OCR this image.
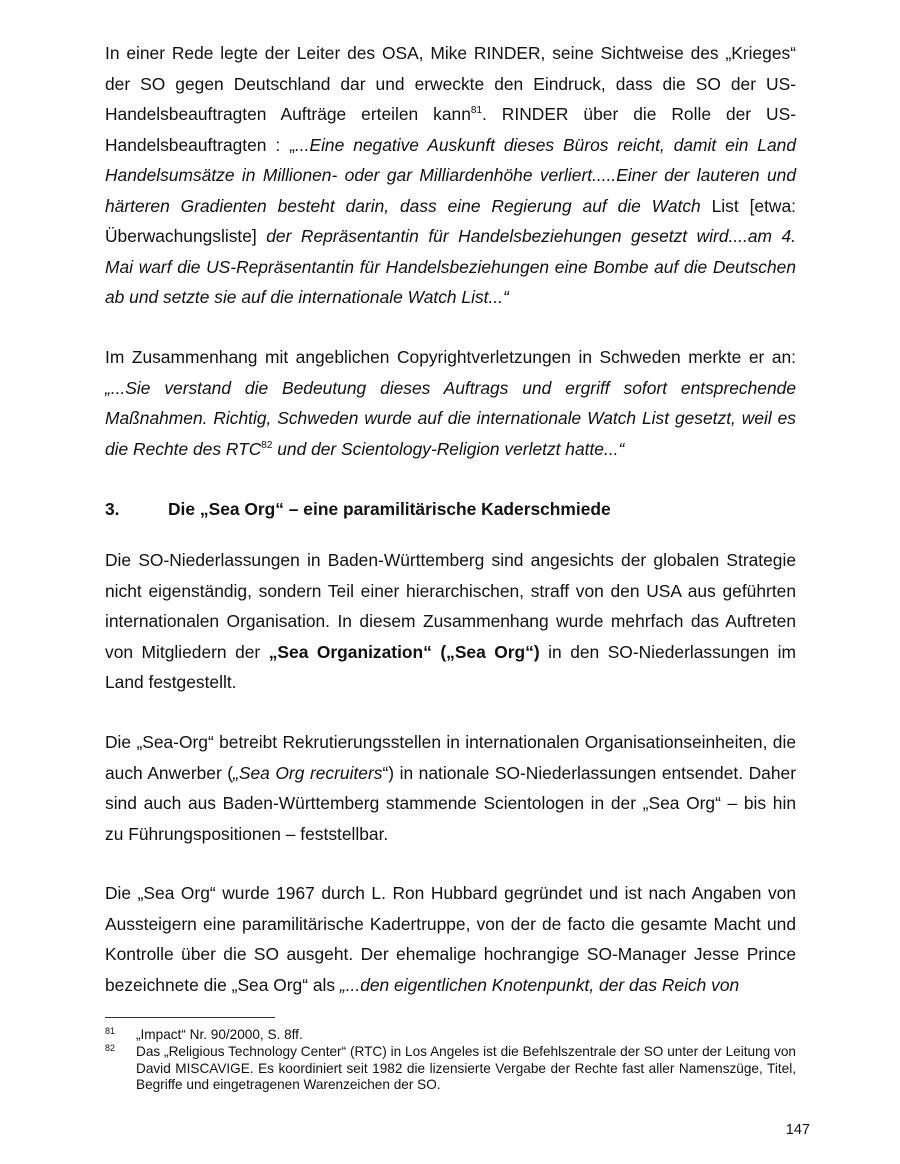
In einer Rede legte der Leiter des OSA, Mike RINDER, seine Sichtweise des „Krieges“ der SO gegen Deutschland dar und erweckte den Eindruck, dass die SO der US-Handelsbeauftragten Aufträge erteilen kann$^{81}$. RINDER über die Rolle der US-Handelsbeauftragten : „...Eine negative Auskunft dieses Büros reicht, damit ein Land Handelsumsätze in Millionen- oder gar Milliardenhöhe verliert.....Einer der lauteren und härteren Gradienten besteht darin, dass eine Regierung auf die Watch List [etwa: Überwachungsliste] der Repräsentantin für Handelsbeziehungen gesetzt wird....am 4. Mai warf die US-Repräsentantin für Handelsbeziehungen eine Bombe auf die Deutschen ab und setzte sie auf die internationale Watch List...“

Im Zusammenhang mit angeblichen Copyrightverletzungen in Schweden merkte er an: „...Sie verstand die Bedeutung dieses Auftrags und ergriff sofort entsprechende Maßnahmen. Richtig, Schweden wurde auf die internationale Watch List gesetzt, weil es die Rechte des RTC$^{82}$ und der Scientology-Religion verletzt hatte...“

3.	Die „Sea Org“ – eine paramilitärische Kaderschmiede

Die SO-Niederlassungen in Baden-Württemberg sind angesichts der globalen Strategie nicht eigenständig, sondern Teil einer hierarchischen, straff von den USA aus geführten internationalen Organisation. In diesem Zusammenhang wurde mehrfach das Auftreten von Mitgliedern der „Sea Organization“ („Sea Org“) in den SO-Niederlassungen im Land festgestellt.

Die „Sea-Org“ betreibt Rekrutierungsstellen in internationalen Organisationseinheiten, die auch Anwerber („Sea Org recruiters“) in nationale SO-Niederlassungen entsendet. Daher sind auch aus Baden-Württemberg stammende Scientologen in der „Sea Org“ – bis hin zu Führungspositionen – feststellbar.

Die „Sea Org“ wurde 1967 durch L. Ron Hubbard gegründet und ist nach Angaben von Aussteigern eine paramilitärische Kadertruppe, von der de facto die gesamte Macht und Kontrolle über die SO ausgeht. Der ehemalige hochrangige SO-Manager Jesse Prince bezeichnete die „Sea Org“ als „...den eigentlichen Knotenpunkt, der das Reich von

81 „Impact“ Nr. 90/2000, S. 8ff.

82 Das „Religious Technology Center“ (RTC) in Los Angeles ist die Befehlszentrale der SO unter der Leitung von David MISCAVIGE. Es koordiniert seit 1982 die lizensierte Vergabe der Rechte fast aller Namenszüge, Titel, Begriffe und eingetragenen Warenzeichen der SO.

147
